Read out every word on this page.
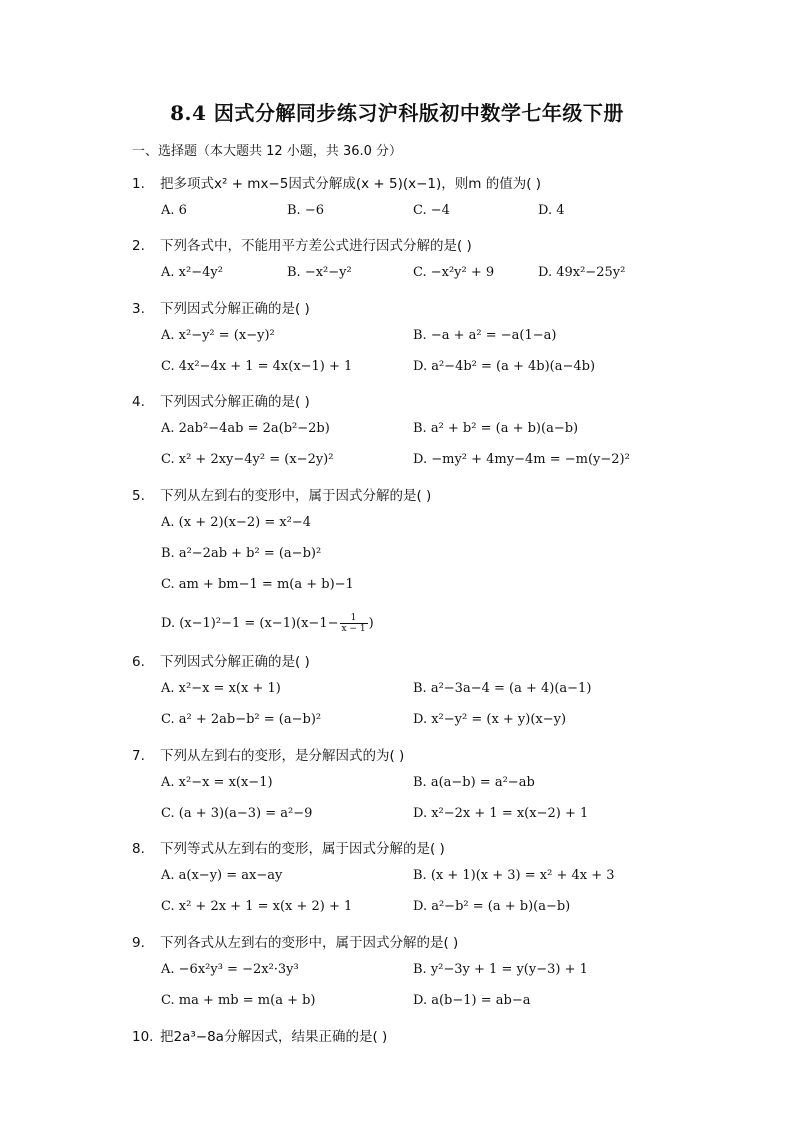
8.4 因式分解同步练习沪科版初中数学七年级下册
一、选择题（本大题共 12 小题，共 36.0 分）
1. 把多项式x² + mx−5因式分解成(x + 5)(x−1)，则m 的值为( )
A. 6	B. −6	C. −4	D. 4
2. 下列各式中，不能用平方差公式进行因式分解的是( )
A. x²−4y²	B. −x²−y²	C. −x²y² + 9	D. 49x²−25y²
3. 下列因式分解正确的是( )
A. x²−y² = (x−y)²	B. −a + a² = −a(1−a)
C. 4x²−4x + 1 = 4x(x−1) + 1	D. a²−4b² = (a + 4b)(a−4b)
4. 下列因式分解正确的是( )
A. 2ab²−4ab = 2a(b²−2b)	B. a² + b² = (a + b)(a−b)
C. x² + 2xy−4y² = (x−2y)²	D. −my² + 4my−4m = −m(y−2)²
5. 下列从左到右的变形中，属于因式分解的是( )
A. (x + 2)(x−2) = x²−4
B. a²−2ab + b² = (a−b)²
C. am + bm−1 = m(a + b)−1
D. $(x-1)^2-1 = (x-1)(x-1- \frac{1}{x - 1}$ )
6. 下列因式分解正确的是( )
A. x²−x = x(x + 1)	B. a²−3a−4 = (a + 4)(a−1)
C. a² + 2ab−b² = (a−b)²	D. x²−y² = (x + y)(x−y)
7. 下列从左到右的变形，是分解因式的为( )
A. x²−x = x(x−1)	B. a(a−b) = a²−ab
C. (a + 3)(a−3) = a²−9	D. x²−2x + 1 = x(x−2) + 1
8. 下列等式从左到右的变形，属于因式分解的是( )
A. a(x−y) = ax−ay	B. (x + 1)(x + 3) = x² + 4x + 3
C. x² + 2x + 1 = x(x + 2) + 1	D. a²−b² = (a + b)(a−b)
9. 下列各式从左到右的变形中，属于因式分解的是( )
A. −6x²y³ = −2x²·3y³	B. y²−3y + 1 = y(y−3) + 1
C. ma + mb = m(a + b)	D. a(b−1) = ab−a
10. 把2a³−8a分解因式，结果正确的是( )
